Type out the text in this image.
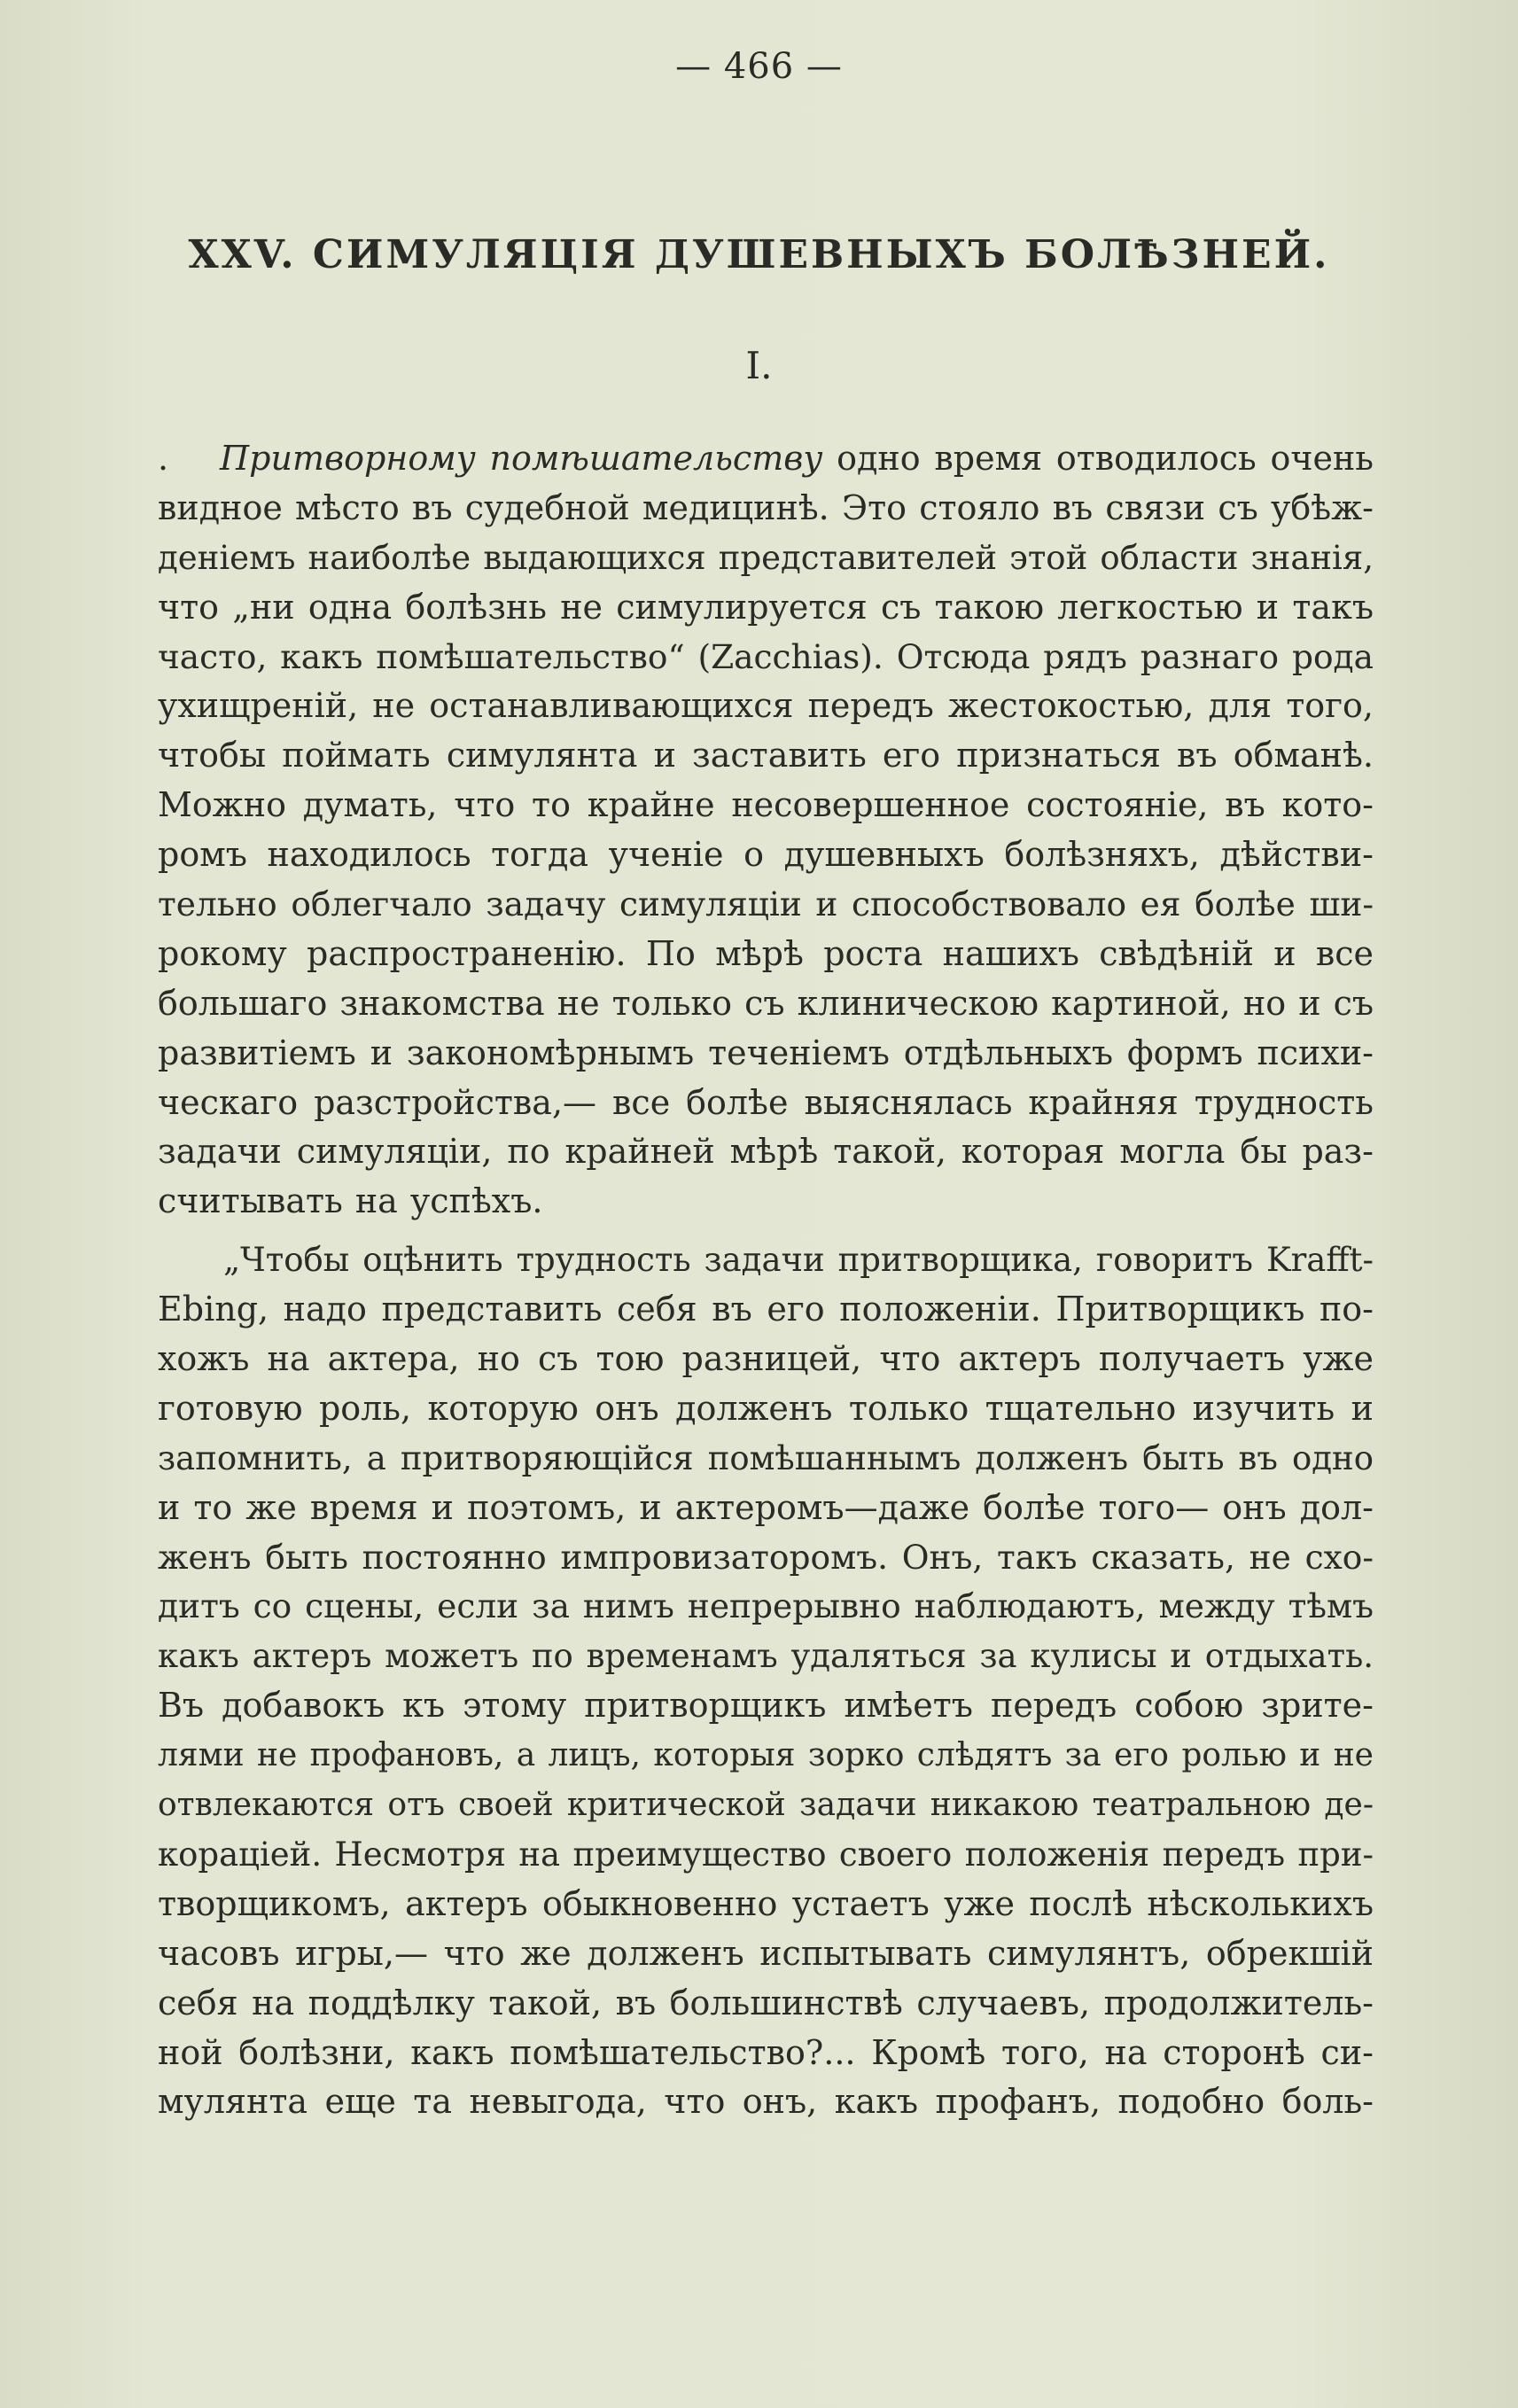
— 466 —
XXV. СИМУЛЯЦІЯ ДУШЕВНЫХЪ БОЛѢЗНЕЙ.
I.
. Притворному помѣшательству одно время отводилось очень
видное мѣсто въ судебной медицинѣ. Это стояло въ связи съ убѣж-
деніемъ наиболѣе выдающихся представителей этой области знанія,
что „ни одна болѣзнь не симулируется съ такою легкостью и такъ
часто, какъ помѣшательство“ (Zacchias). Отсюда рядъ разнаго рода
ухищреній, не останавливающихся передъ жестокостью, для того,
чтобы поймать симулянта и заставить его признаться въ обманѣ.
Можно думать, что то крайне несовершенное состояніе, въ кото-
ромъ находилось тогда ученіе о душевныхъ болѣзняхъ, дѣйстви-
тельно облегчало задачу симуляціи и способствовало ея болѣе ши-
рокому распространенію. По мѣрѣ роста нашихъ свѣдѣній и все
большаго знакомства не только съ клиническою картиной, но и съ
развитіемъ и закономѣрнымъ теченіемъ отдѣльныхъ формъ психи-
ческаго разстройства,— все болѣе выяснялась крайняя трудность
задачи симуляціи, по крайней мѣрѣ такой, которая могла бы раз-
считывать на успѣхъ.
„Чтобы оцѣнить трудность задачи притворщика, говоритъ Krafft-
Ebing, надо представить себя въ его положеніи. Притворщикъ по-
хожъ на актера, но съ тою разницей, что актеръ получаетъ уже
готовую роль, которую онъ долженъ только тщательно изучить и
запомнить, а притворяющійся помѣшаннымъ долженъ быть въ одно
и то же время и поэтомъ, и актеромъ—даже болѣе того— онъ дол-
женъ быть постоянно импровизаторомъ. Онъ, такъ сказать, не схо-
дитъ со сцены, если за нимъ непрерывно наблюдаютъ, между тѣмъ
какъ актеръ можетъ по временамъ удаляться за кулисы и отдыхать.
Въ добавокъ къ этому притворщикъ имѣетъ передъ собою зрите-
лями не профановъ, а лицъ, которыя зорко слѣдятъ за его ролью и не
отвлекаются отъ своей критической задачи никакою театральною де-
кораціей. Несмотря на преимущество своего положенія передъ при-
творщикомъ, актеръ обыкновенно устаетъ уже послѣ нѣсколькихъ
часовъ игры,— что же долженъ испытывать симулянтъ, обрекшій
себя на поддѣлку такой, въ большинствѣ случаевъ, продолжитель-
ной болѣзни, какъ помѣшательство?... Кромѣ того, на сторонѣ си-
мулянта еще та невыгода, что онъ, какъ профанъ, подобно боль-
